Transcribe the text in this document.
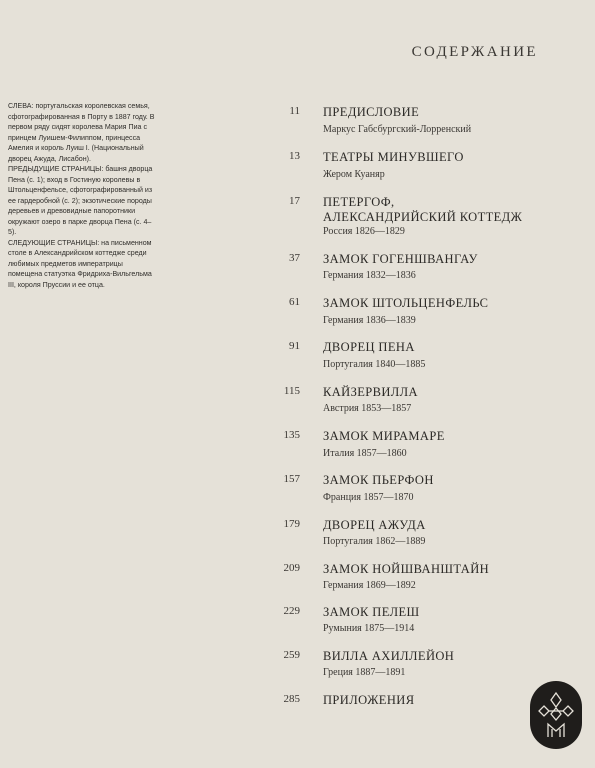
СОДЕРЖАНИЕ

СЛЕВА: португальская королевская семья, сфотографированная в Порту в 1887 году. В первом ряду сидят королева Мария Пиа с принцем Луишем-Филиппом, принцесса Амелия и король Луиш I. (Национальный дворец Ажуда, Лисабон).

ПРЕДЫДУЩИЕ СТРАНИЦЫ: башня дворца Пена (с. 1); вход в Гостиную королевы в Штольценфельсе, сфотографированный из ее гардеробной (с. 2); экзотические породы деревьев и древовидные папоротники окружают озеро в парке дворца Пена (с. 4–5).

СЛЕДУЮЩИЕ СТРАНИЦЫ: на письменном столе в Александрийском коттедже среди любимых предметов императрицы помещена статуэтка Фридриха-Вильгельма III, короля Пруссии и ее отца.

11 ПРЕДИСЛОВИЕ
Маркус Габсбургский-Лорренский
13 ТЕАТРЫ МИНУВШЕГО
Жером Куаняр
17 ПЕТЕРГОФ,
АЛЕКСАНДРИЙСКИЙ КОТТЕДЖ
Россия 1826—1829
37 ЗАМОК ГОГЕНШВАНГАУ
Германия 1832—1836
61 ЗАМОК ШТОЛЬЦЕНФЕЛЬС
Германия 1836—1839
91 ДВОРЕЦ ПЕНА
Португалия 1840—1885
115 КАЙЗЕРВИЛЛА
Австрия 1853—1857
135 ЗАМОК МИРАМАРЕ
Италия 1857—1860
157 ЗАМОК ПЬЕРФОН
Франция 1857—1870
179 ДВОРЕЦ АЖУДА
Португалия 1862—1889
209 ЗАМОК НОЙШВАНШТАЙН
Германия 1869—1892
229 ЗАМОК ПЕЛЕШ
Румыния 1875—1914
259 ВИЛЛА АХИЛЛЕЙОН
Греция 1887—1891
285 ПРИЛОЖЕНИЯ
